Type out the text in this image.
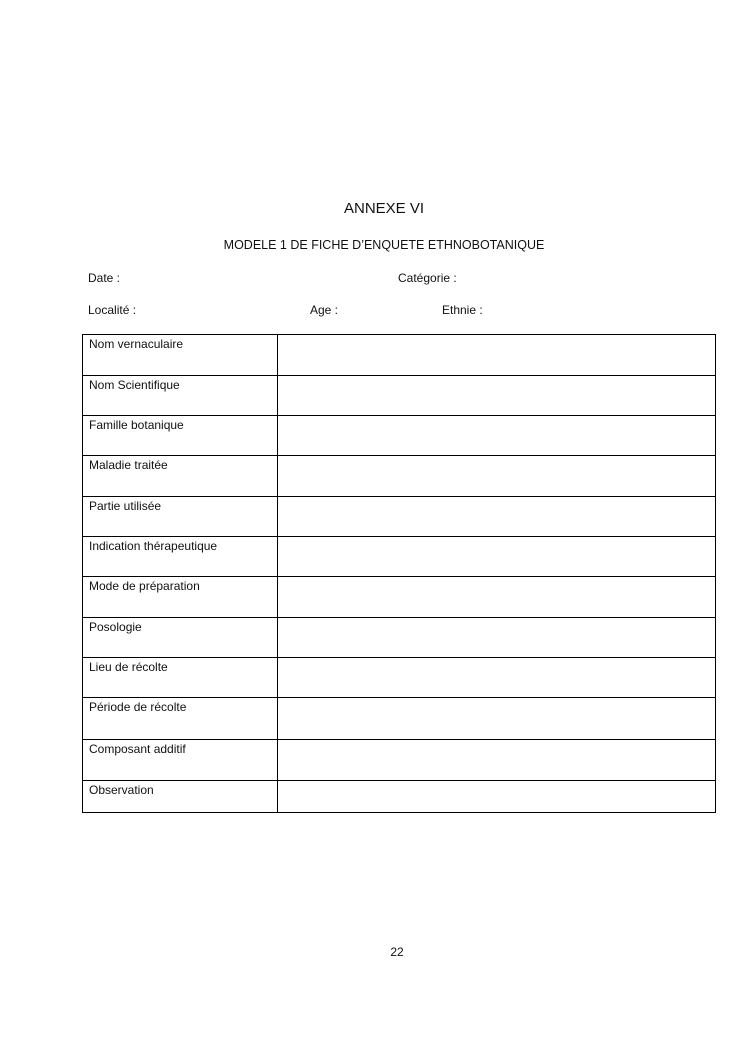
ANNEXE VI
MODELE 1 DE FICHE D’ENQUETE ETHNOBOTANIQUE
Date :	Catégorie :
Localité :	Age :	Ethnie :
Nom vernaculaire	
Nom Scientifique	
Famille botanique	
Maladie traitée	
Partie utilisée	
Indication thérapeutique	
Mode de préparation	
Posologie	
Lieu de récolte	
Période de récolte	
Composant additif	
Observation	
22
